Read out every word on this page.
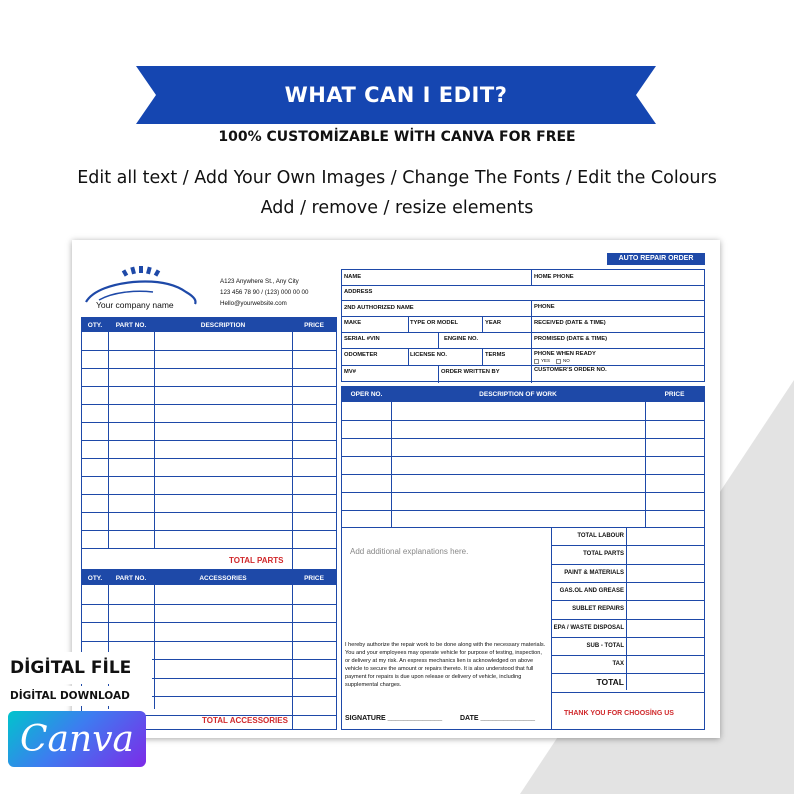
WHAT CAN I EDIT?
100% CUSTOMİZABLE WİTH CANVA FOR FREE
Edit all text / Add Your Own Images / Change The Fonts / Edit the Colours
Add / remove / resize elements
Your company name
A123 Anywhere St., Any City
123 456 78 90 / (123) 000 00 00
Hello@yourwebsite.com
AUTO REPAIR ORDER
OTY.	PART NO.	DESCRIPTION	PRICE
TOTAL PARTS
OTY.	PART NO.	ACCESSORIES	PRICE
TOTAL ACCESSORIES
NAME	HOME PHONE
ADDRESS
2ND AUTHORIZED NAME	PHONE
MAKE	TYPE OR MODEL	YEAR	RECEIVED (DATE & TIME)
SERIAL #VIN	ENGINE NO.	PROMISED (DATE & TIME)
ODOMETER	LICENSE NO.	TERMS	PHONE WHEN READY
YES	NO
MV#	ORDER WRITTEN BY	CUSTOMER'S ORDER NO.
OPER NO.	DESCRIPTION OF WORK	PRICE
TOTAL LABOUR
TOTAL PARTS
PAINT & MATERIALS
GAS.OL AND GREASE
SUBLET REPAIRS
EPA / WASTE DISPOSAL
SUB - TOTAL
TAX
TOTAL
Add additional explanations here.
I hereby authorize the repair work to be done along with the necessary materials. You and your employees may operate vehicle for purpose of testing, inspection, or delivery at my risk. An express mechanics lien is acknowledged on above vehicle to secure the amount or repairs thereto. It is also understood that full payment for repairs is due upon release or delivery of vehicle, including supplemental charges.
SIGNATURE ______________	DATE ______________
THANK YOU FOR CHOOSİNG US
DİGİTAL FİLE
DİGİTAL DOWNLOAD
Canva
